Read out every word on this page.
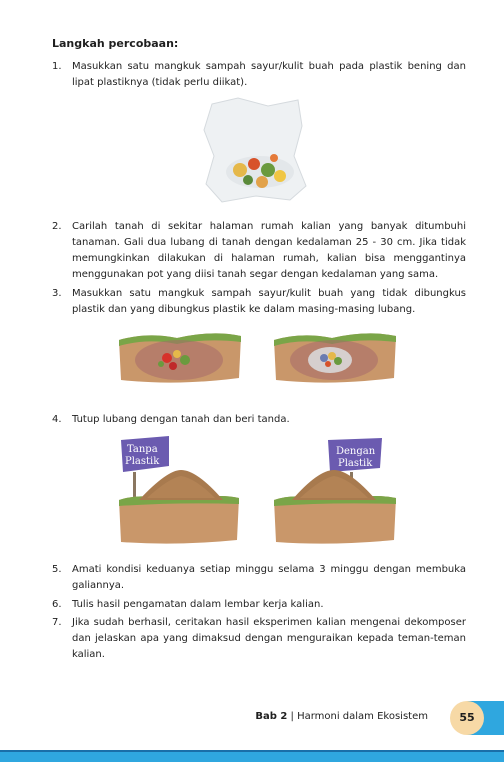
Langkah percobaan:
1.	Masukkan satu mangkuk sampah sayur/kulit buah pada plastik bening dan lipat plastiknya (tidak perlu diikat).
2.	Carilah tanah di sekitar halaman rumah kalian yang banyak ditumbuhi tanaman. Gali dua lubang di tanah dengan kedalaman 25 - 30 cm. Jika tidak memungkinkan dilakukan di halaman rumah, kalian bisa menggantinya menggunakan pot yang diisi tanah segar dengan kedalaman yang sama.
3.	Masukkan satu mangkuk sampah sayur/kulit buah yang tidak dibungkus plastik dan yang dibungkus plastik ke dalam masing-masing lubang.
4.	Tutup lubang dengan tanah dan beri tanda.
Tanpa
Plastik
Dengan
Plastik
5.	Amati kondisi keduanya setiap minggu selama 3 minggu dengan membuka galiannya.
6.	Tulis hasil pengamatan dalam lembar kerja kalian.
7.	Jika sudah berhasil, ceritakan hasil eksperimen kalian mengenai dekomposer dan jelaskan apa yang dimaksud dengan menguraikan kepada teman-teman kalian.
Bab 2 | Harmoni dalam Ekosistem	55
